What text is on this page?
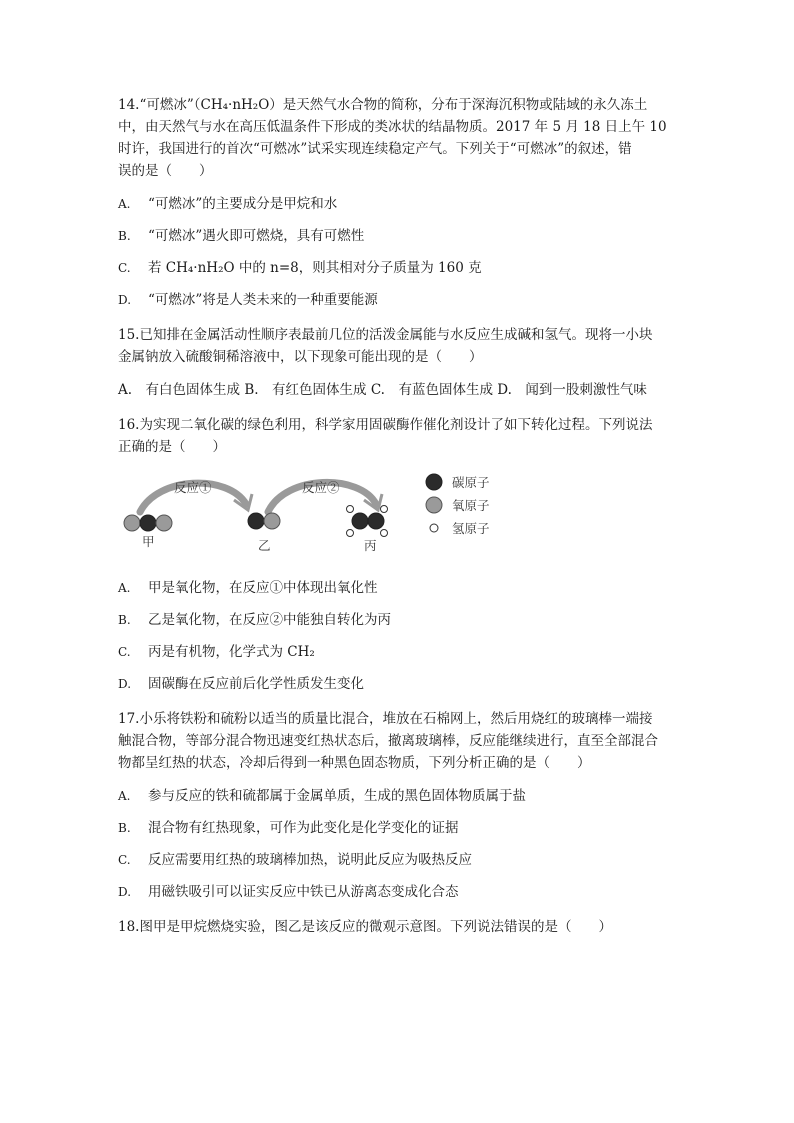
14.“可燃冰”（CH₄·nH₂O）是天然气水合物的简称，分布于深海沉积物或陆域的永久冻土

中，由天然气与水在高压低温条件下形成的类冰状的结晶物质。2017 年 5 月 18 日上午 10

时许，我国进行的首次“可燃冰”试采实现连续稳定产气。下列关于“可燃冰”的叙述，错

误的是（　　）

A. “可燃冰”的主要成分是甲烷和水

B. “可燃冰”遇火即可燃烧，具有可燃性

C. 若 CH₄·nH₂O 中的 n=8，则其相对分子质量为 160 克

D. “可燃冰”将是人类未来的一种重要能源

15.已知排在金属活动性顺序表最前几位的活泼金属能与水反应生成碱和氢气。现将一小块

金属钠放入硫酸铜稀溶液中，以下现象可能出现的是（　　）

A.　有白色固体生成 B.　有红色固体生成 C.　有蓝色固体生成 D.　闻到一股刺激性气味

16.为实现二氧化碳的绿色利用，科学家用固碳酶作催化剂设计了如下转化过程。下列说法

正确的是（　　）

反应①	反应②
甲	乙	丙
碳原子
氧原子
氢原子

A. 甲是氧化物，在反应①中体现出氧化性

B. 乙是氧化物，在反应②中能独自转化为丙

C. 丙是有机物，化学式为 CH₂

D. 固碳酶在反应前后化学性质发生变化

17.小乐将铁粉和硫粉以适当的质量比混合，堆放在石棉网上，然后用烧红的玻璃棒一端接

触混合物，等部分混合物迅速变红热状态后，撤离玻璃棒，反应能继续进行，直至全部混合

物都呈红热的状态，冷却后得到一种黑色固态物质，下列分析正确的是（　　）

A. 参与反应的铁和硫都属于金属单质，生成的黑色固体物质属于盐

B. 混合物有红热现象，可作为此变化是化学变化的证据

C. 反应需要用红热的玻璃棒加热，说明此反应为吸热反应

D. 用磁铁吸引可以证实反应中铁已从游离态变成化合态

18.图甲是甲烷燃烧实验，图乙是该反应的微观示意图。下列说法错误的是（　　）
